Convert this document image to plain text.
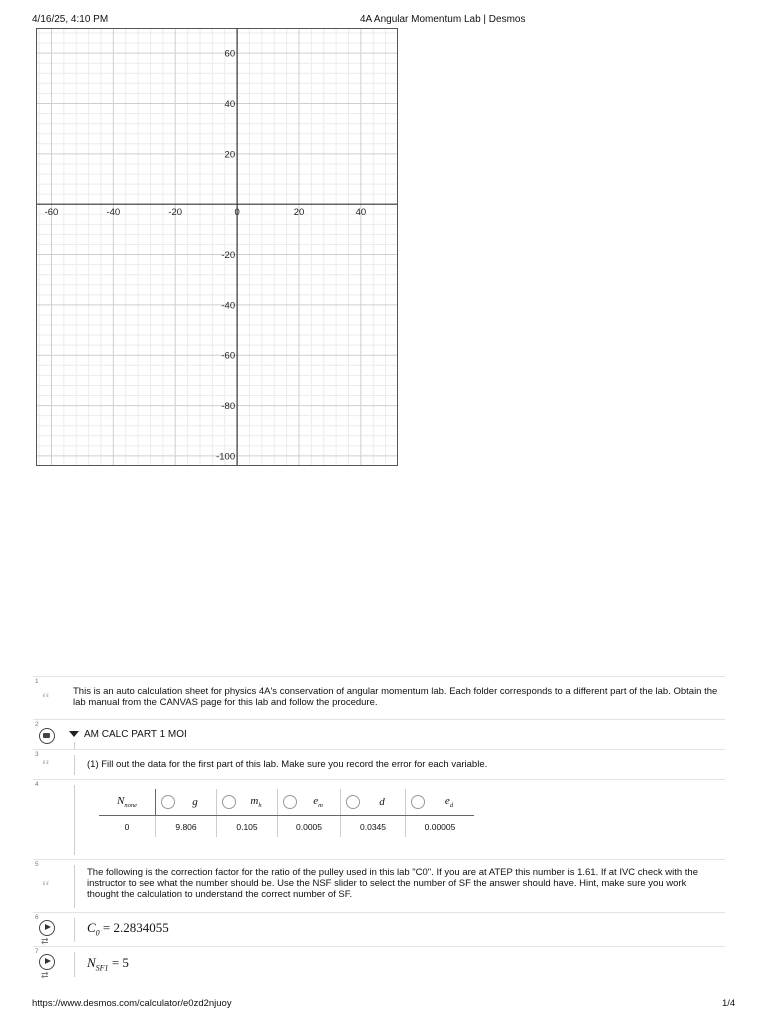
4/16/25, 4:10 PM	4A Angular Momentum Lab | Desmos
-60	-40	-20	0	20	40
60
40
20
-20
-40
-60
-80
-100
1
“ This is an auto calculation sheet for physics 4A's conservation of angular momentum lab. Each folder corresponds to a different part of the lab. Obtain the lab manual from the CANVAS page for this lab and follow the procedure.
2
AM CALC PART 1 MOI
3
“	(1) Fill out the data for the first part of this lab. Make sure you record the error for each variable.
4
$N_{none}$	g	$m_h$	$e_m$	d	$e_d$

0	9.806	0.105	0.0005	0.0345	0.00005
5
“
The following is the correction factor for the ratio of the pulley used in this lab "C0". If you are at ATEP this number is 1.61. If at IVC check with the instructor to see what the number should be. Use the NSF slider to select the number of SF the answer should have. Hint, make sure you work thought the calculation to understand the correct number of SF.
6
⇄
$C_0 = 2.2834055$
7
⇄
$N_{SF1} = 5$
https://www.desmos.com/calculator/e0zd2njuoy	1/4
